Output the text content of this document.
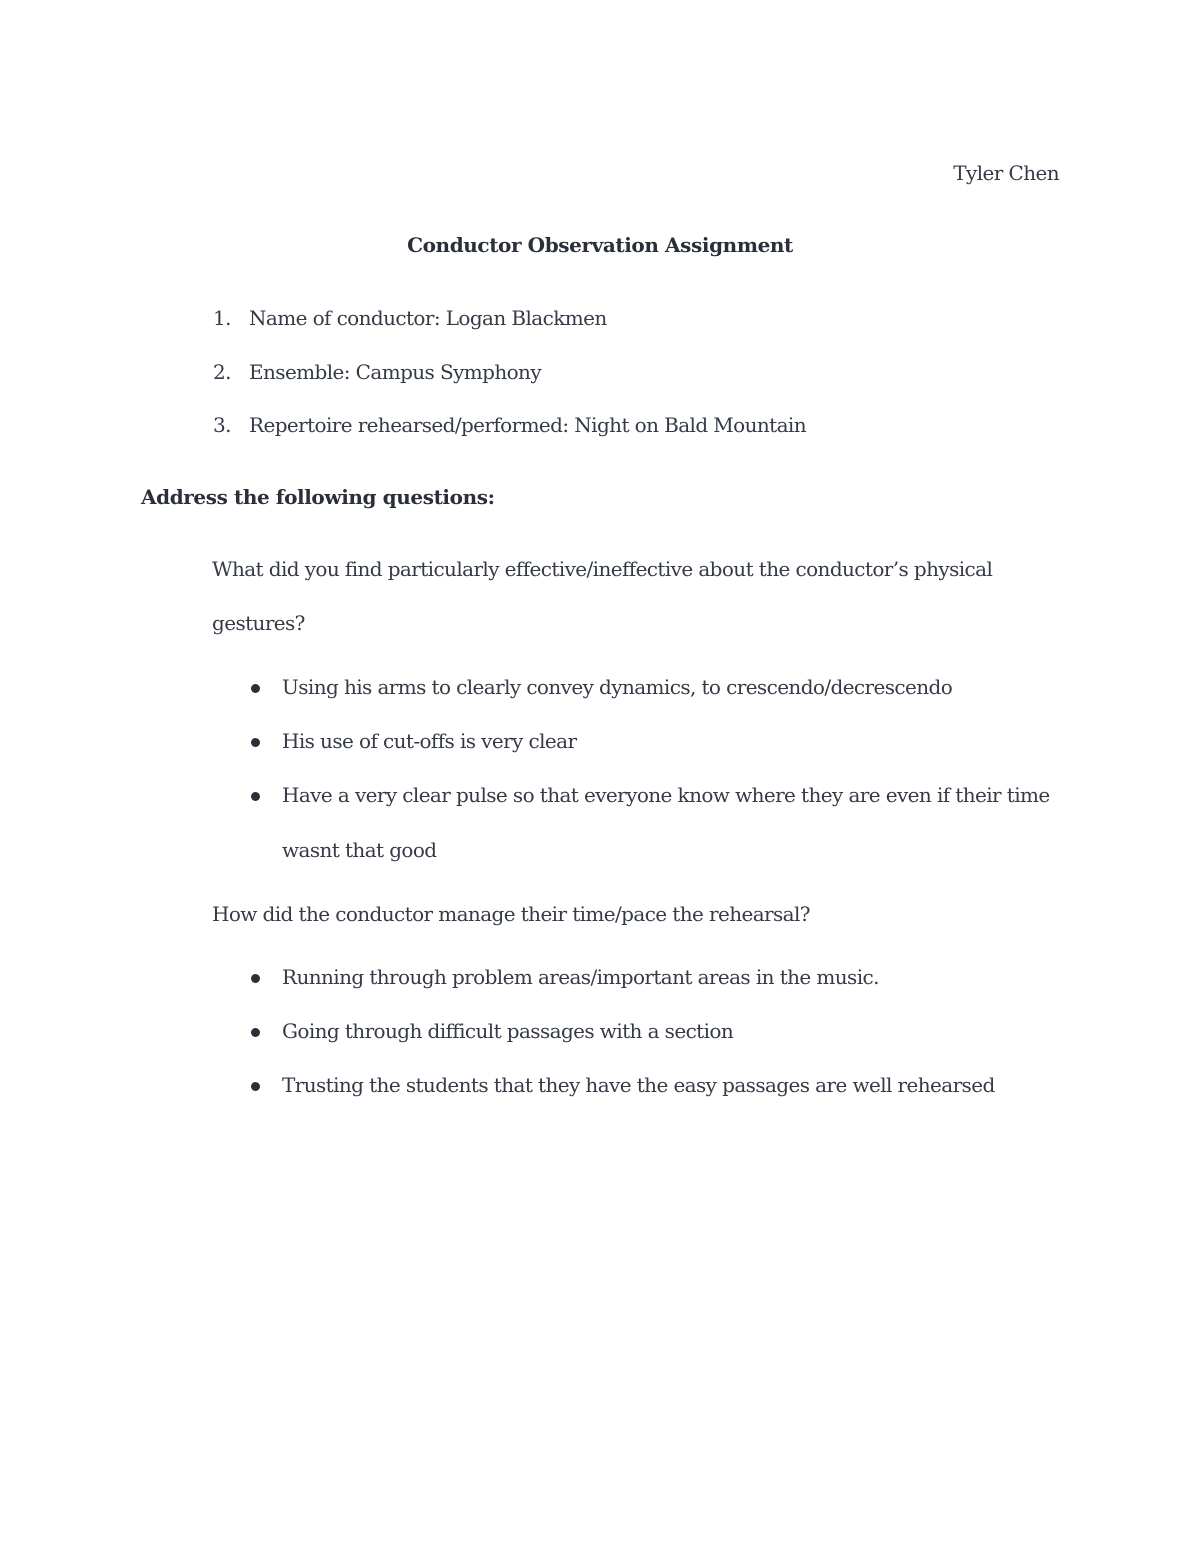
Tyler Chen
Conductor Observation Assignment
1. Name of conductor: Logan Blackmen
2. Ensemble: Campus Symphony
3. Repertoire rehearsed/performed: Night on Bald Mountain
Address the following questions:
What did you find particularly effective/ineffective about the conductor’s physical
gestures?
Using his arms to clearly convey dynamics, to crescendo/decrescendo
His use of cut-offs is very clear
Have a very clear pulse so that everyone know where they are even if their time
wasnt that good
How did the conductor manage their time/pace the rehearsal?
Running through problem areas/important areas in the music.
Going through difficult passages with a section
Trusting the students that they have the easy passages are well rehearsed
